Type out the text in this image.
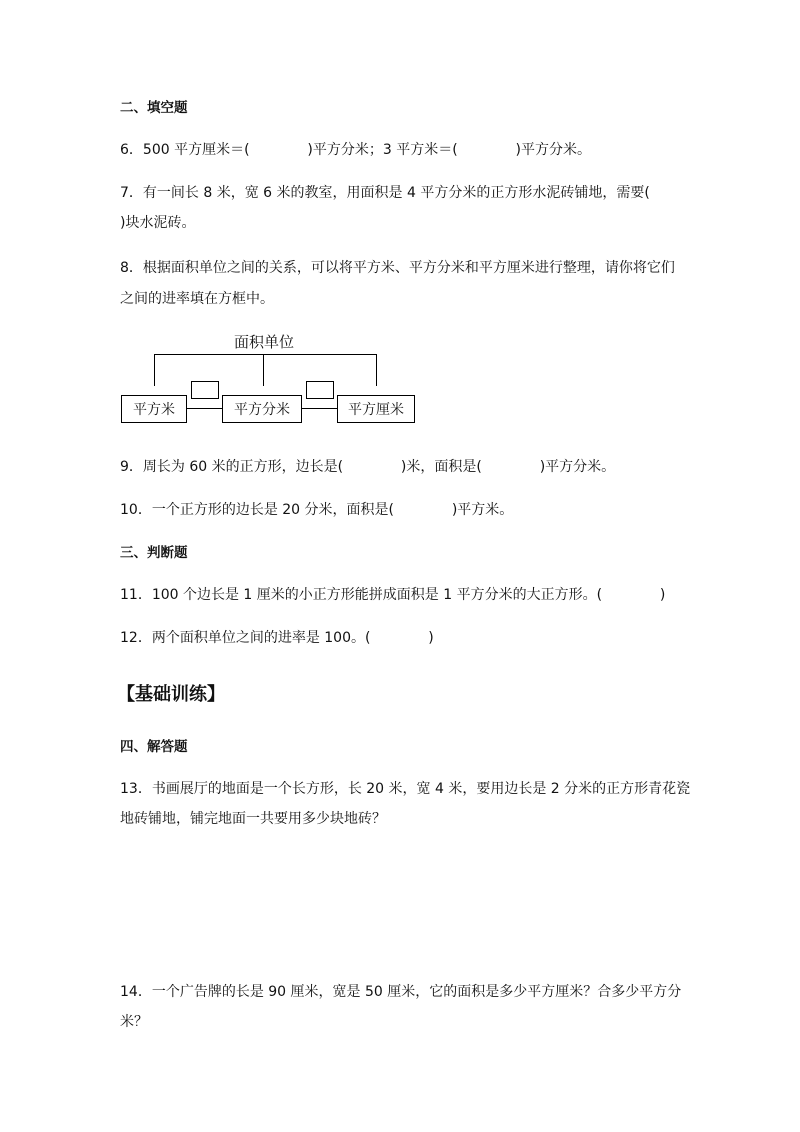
二、填空题
6．500 平方厘米＝(             )平方分米；3 平方米＝(             )平方分米。
7．有一间长 8 米，宽 6 米的教室，用面积是 4 平方分米的正方形水泥砖铺地，需要(
)块水泥砖。
8．根据面积单位之间的关系，可以将平方米、平方分米和平方厘米进行整理，请你将它们
之间的进率填在方框中。
面积单位
平方米	平方分米	平方厘米
9．周长为 60 米的正方形，边长是(             )米，面积是(             )平方分米。
10．一个正方形的边长是 20 分米，面积是(             )平方米。
三、判断题
11．100 个边长是 1 厘米的小正方形能拼成面积是 1 平方分米的大正方形。(             )
12．两个面积单位之间的进率是 100。(             )
【基础训练】
四、解答题
13．书画展厅的地面是一个长方形，长 20 米，宽 4 米，要用边长是 2 分米的正方形青花瓷
地砖铺地，铺完地面一共要用多少块地砖？
14．一个广告牌的长是 90 厘米，宽是 50 厘米，它的面积是多少平方厘米？合多少平方分
米？
